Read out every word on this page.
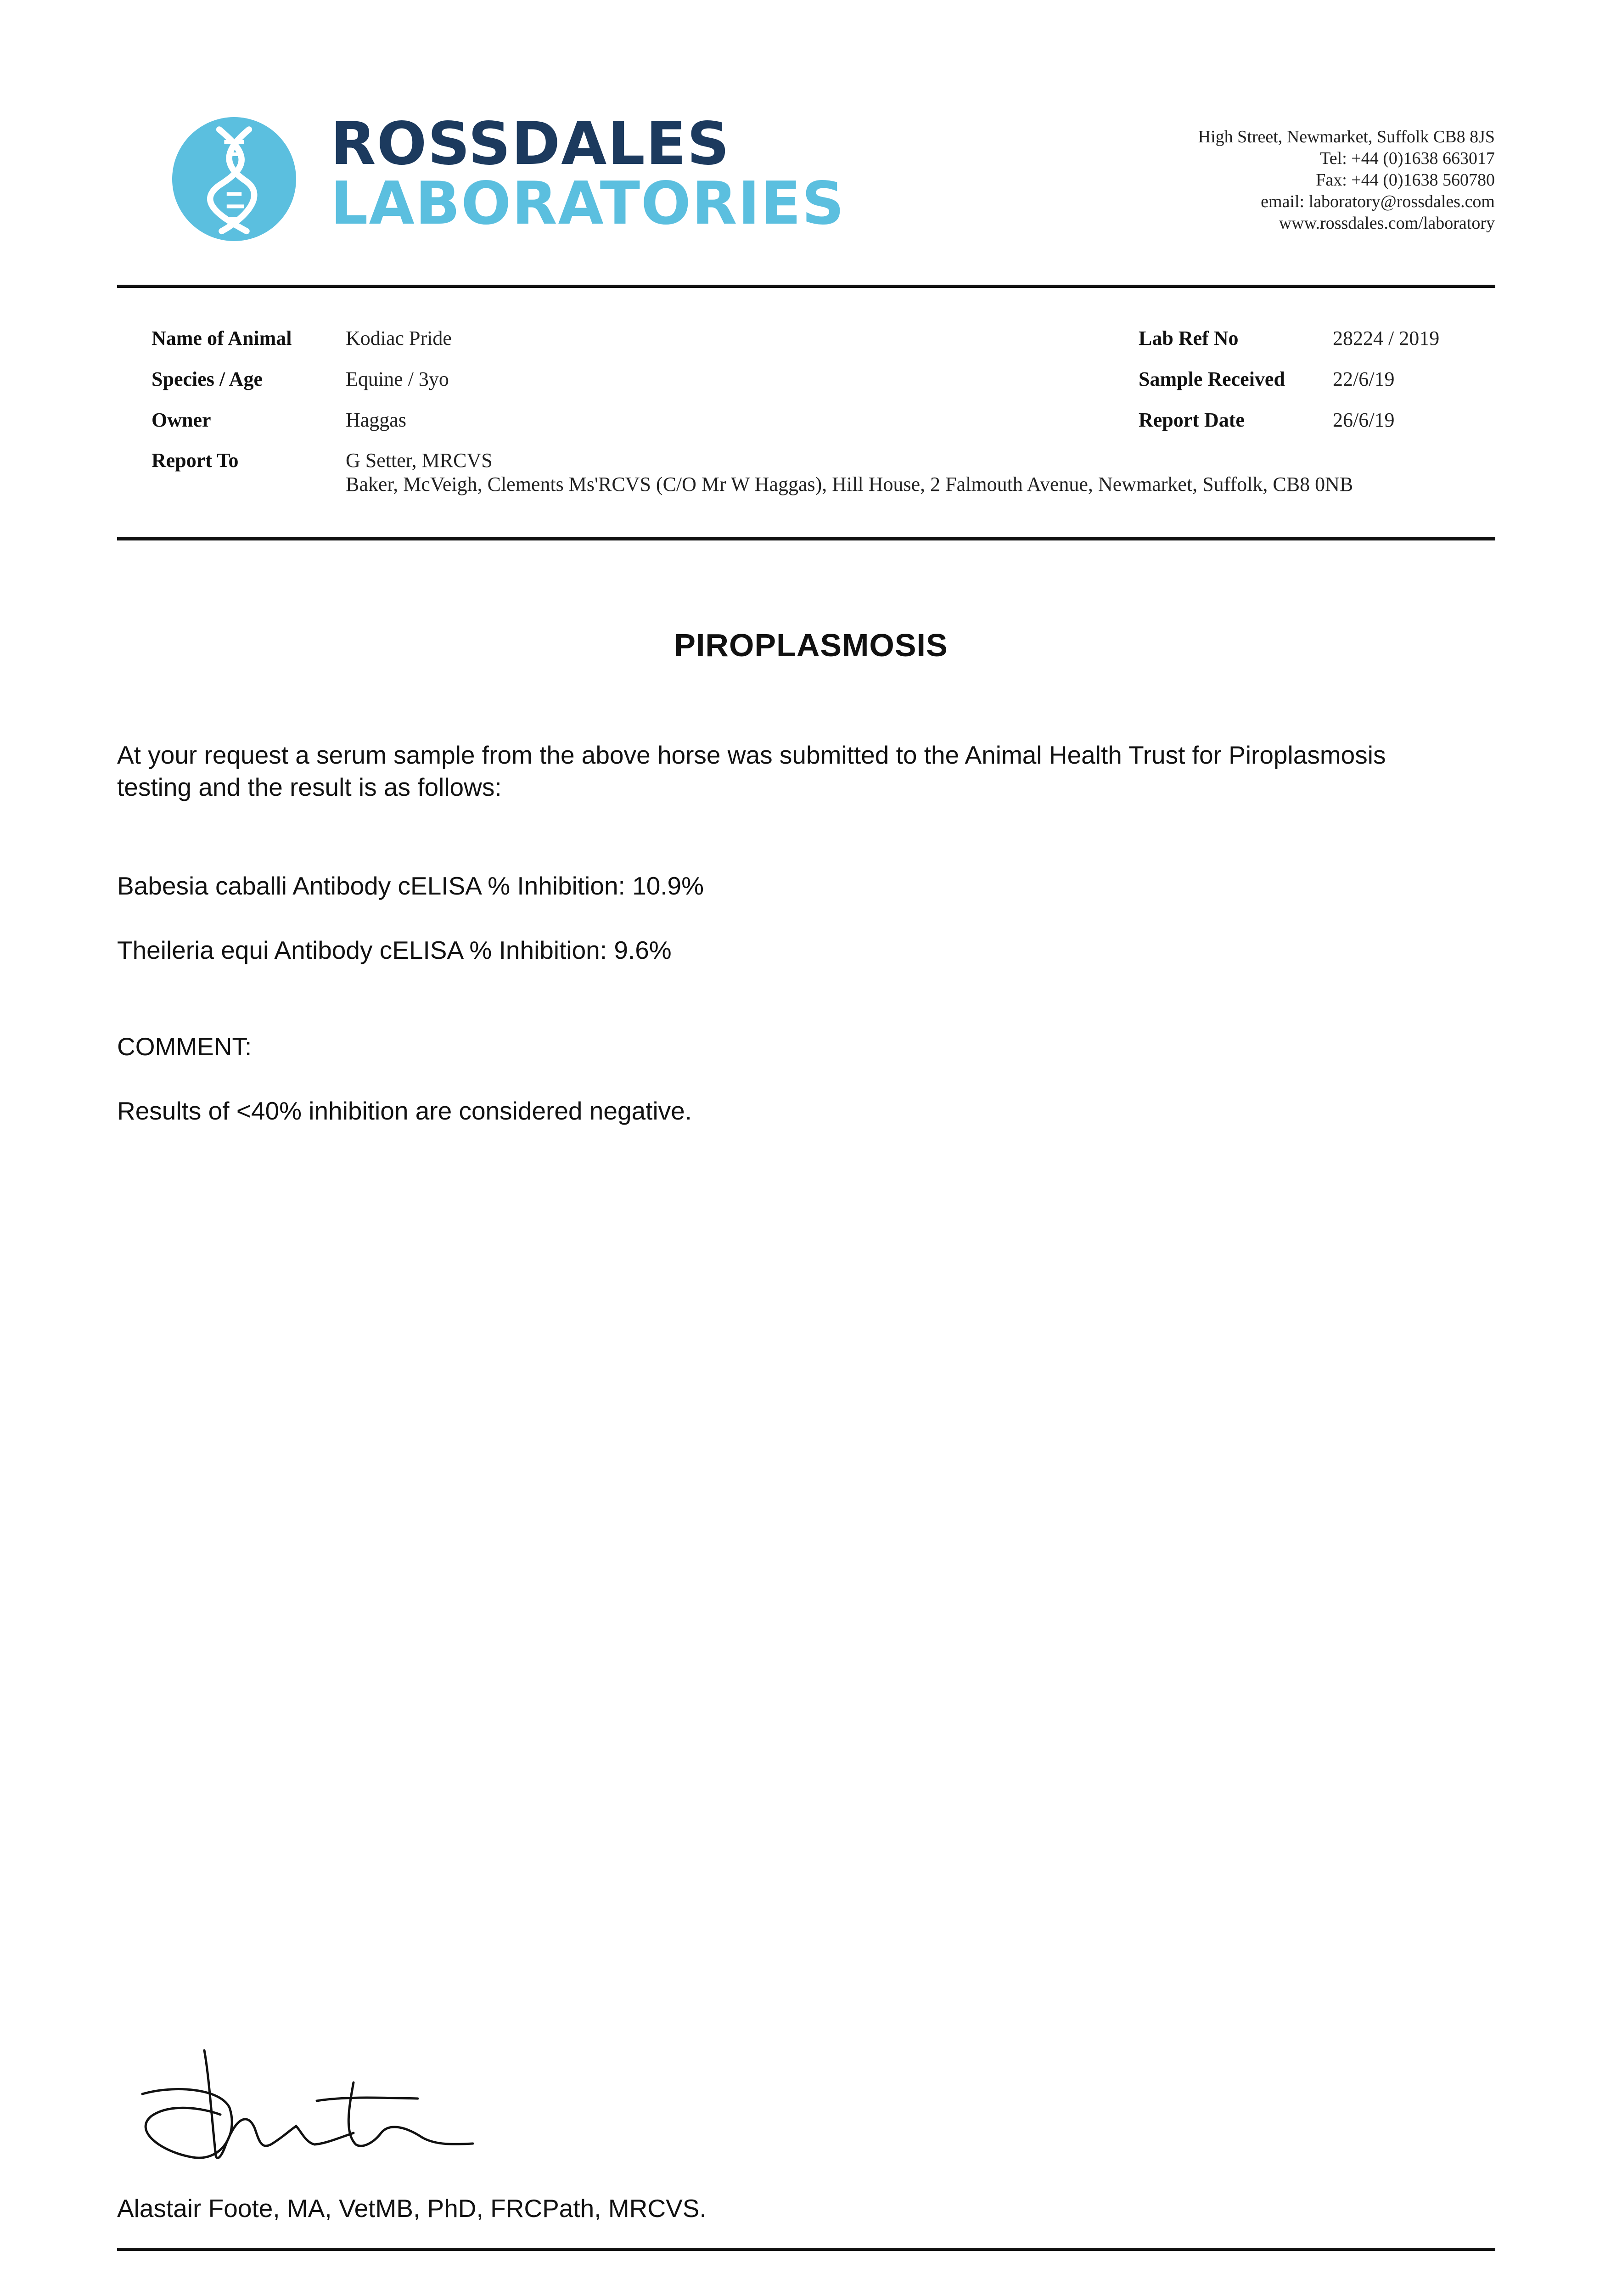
ROSSDALES
LABORATORIES
High Street, Newmarket, Suffolk CB8 8JS
Tel: +44 (0)1638 663017
Fax: +44 (0)1638 560780
email: laboratory@rossdales.com
www.rossdales.com/laboratory
Name of Animal	Kodiac Pride
Species / Age	Equine / 3yo
Owner	Haggas
Report To	G Setter, MRCVS
Baker, McVeigh, Clements Ms'RCVS (C/O Mr W Haggas), Hill House, 2 Falmouth Avenue, Newmarket, Suffolk, CB8 0NB
Lab Ref No	28224 / 2019
Sample Received 22/6/19
Report Date	26/6/19
PIROPLASMOSIS
At your request a serum sample from the above horse was submitted to the Animal Health Trust for Piroplasmosis
testing and the result is as follows:
Babesia caballi Antibody cELISA % Inhibition: 10.9%
Theileria equi Antibody cELISA % Inhibition: 9.6%
COMMENT:
Results of <40% inhibition are considered negative.
Alastair Foote, MA, VetMB, PhD, FRCPath, MRCVS.
